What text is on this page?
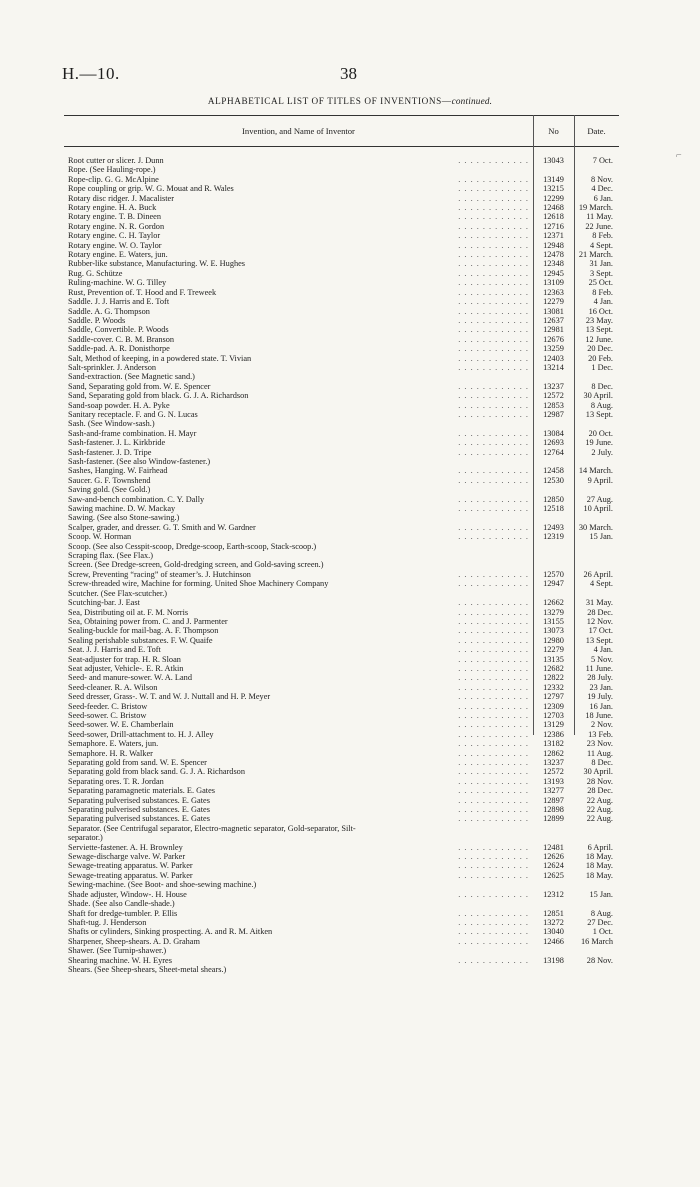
H.—10.	38
ALPHABETICAL LIST OF TITLES OF INVENTIONS—continued.
Invention, and Name of Inventor	No	Date.
. . . . . . . . . . . .
Root cutter or slicer. J. Dunn	13043	7 Oct.
Rope. (See Hauling-rope.)
. . . . . . . . . . . .
Rope-clip. G. G. McAlpine	13149	8 Nov.
. . . . . . . . . . . .
Rope coupling or grip. W. G. Mouat and R. Wales	13215	4 Dec.
. . . . . . . . . . . .
Rotary disc ridger. J. Macalister	12299	6 Jan.
. . . . . . . . . . . .
Rotary engine. H. A. Buck	12468	19 March.
. . . . . . . . . . . .
Rotary engine. T. B. Dineen	12618	11 May.
. . . . . . . . . . . .
Rotary engine. N. R. Gordon	12716	22 June.
. . . . . . . . . . . .
Rotary engine. C. H. Taylor	12371	8 Feb.
. . . . . . . . . . . .
Rotary engine. W. O. Taylor	12948	4 Sept.
. . . . . . . . . . . .
Rotary engine. E. Waters, jun.	12478	21 March.
. . . . . . . . . . . .
Rubber-like substance, Manufacturing. W. E. Hughes	12348	31 Jan.
. . . . . . . . . . . .
Rug. G. Schütze	12945	3 Sept.
. . . . . . . . . . . .
Ruling-machine. W. G. Tilley	13109	25 Oct.
. . . . . . . . . . . .
Rust, Prevention of. T. Hood and F. Treweek	12363	8 Feb.
. . . . . . . . . . . .
Saddle. J. J. Harris and E. Toft	12279	4 Jan.
. . . . . . . . . . . .
Saddle. A. G. Thompson	13081	16 Oct.
. . . . . . . . . . . .
Saddle. P. Woods	12637	23 May.
. . . . . . . . . . . .
Saddle, Convertible. P. Woods	12981	13 Sept.
. . . . . . . . . . . .
Saddle-cover. C. B. M. Branson	12676	12 June.
. . . . . . . . . . . .
Saddle-pad. A. R. Donisthorpe	13259	20 Dec.
. . . . . . . . . . . .
Salt, Method of keeping, in a powdered state. T. Vivian	12403	20 Feb.
. . . . . . . . . . . .
Salt-sprinkler. J. Anderson	13214	1 Dec.
Sand-extraction. (See Magnetic sand.)
. . . . . . . . . . . .
Sand, Separating gold from. W. E. Spencer	13237	8 Dec.
. . . . . . . . . . . .
Sand, Separating gold from black. G. J. A. Richardson	12572	30 April.
. . . . . . . . . . . .
Sand-soap powder. H. A. Pyke	12853	8 Aug.
. . . . . . . . . . . .
Sanitary receptacle. F. and G. N. Lucas	12987	13 Sept.
Sash. (See Window-sash.)
. . . . . . . . . . . .
Sash-and-frame combination. H. Mayr	13084	20 Oct.
. . . . . . . . . . . .
Sash-fastener. J. L. Kirkbride	12693	19 June.
. . . . . . . . . . . .
Sash-fastener. J. D. Tripe	12764	2 July.
Sash-fastener. (See also Window-fastener.)
. . . . . . . . . . . .
Sashes, Hanging. W. Fairhead	12458	14 March.
. . . . . . . . . . . .
Saucer. G. F. Townshend	12530	9 April.
Saving gold. (See Gold.)
. . . . . . . . . . . .
Saw-and-bench combination. C. Y. Dally	12850	27 Aug.
. . . . . . . . . . . .
Sawing machine. D. W. Mackay	12518	10 April.
Sawing. (See also Stone-sawing.)
. . . . . . . . . . . .
Scalper, grader, and dresser. G. T. Smith and W. Gardner	12493	30 March.
. . . . . . . . . . . .
Scoop. W. Horman	12319	15 Jan.
Scoop. (See also Cesspit-scoop, Dredge-scoop, Earth-scoop, Stack-scoop.)
Scraping flax. (See Flax.)
Screen. (See Dredge-screen, Gold-dredging screen, and Gold-saving screen.)
. . . . . . . . . . . .
Screw, Preventing “racing” of steamer’s. J. Hutchinson	12570	26 April.
. . . . . . . . . . . .
Screw-threaded wire, Machine for forming. United Shoe Machinery Company	12947	4 Sept.
Scutcher. (See Flax-scutcher.)
. . . . . . . . . . . .
Scutching-bar. J. East	12662	31 May.
. . . . . . . . . . . .
Sea, Distributing oil at. F. M. Norris	13279	28 Dec.
. . . . . . . . . . . .
Sea, Obtaining power from. C. and J. Parmenter	13155	12 Nov.
. . . . . . . . . . . .
Sealing-buckle for mail-bag. A. F. Thompson	13073	17 Oct.
. . . . . . . . . . . .
Sealing perishable substances. F. W. Quaife	12980	13 Sept.
. . . . . . . . . . . .
Seat. J. J. Harris and E. Toft	12279	4 Jan.
. . . . . . . . . . . .
Seat-adjuster for trap. H. R. Sloan	13135	5 Nov.
. . . . . . . . . . . .
Seat adjuster, Vehicle-. E. R. Atkin	12682	11 June.
. . . . . . . . . . . .
Seed- and manure-sower. W. A. Land	12822	28 July.
. . . . . . . . . . . .
Seed-cleaner. R. A. Wilson	12332	23 Jan.
. . . . . . . . . . . .
Seed dresser, Grass-. W. T. and W. J. Nuttall and H. P. Meyer	12797	19 July.
. . . . . . . . . . . .
Seed-feeder. C. Bristow	12309	16 Jan.
. . . . . . . . . . . .
Seed-sower. C. Bristow	12703	18 June.
. . . . . . . . . . . .
Seed-sower. W. E. Chamberlain	13129	2 Nov.
. . . . . . . . . . . .
Seed-sower, Drill-attachment to. H. J. Alley	12386	13 Feb.
. . . . . . . . . . . .
Semaphore. E. Waters, jun.	13182	23 Nov.
. . . . . . . . . . . .
Semaphore. H. R. Walker	12862	11 Aug.
. . . . . . . . . . . .
Separating gold from sand. W. E. Spencer	13237	8 Dec.
. . . . . . . . . . . .
Separating gold from black sand. G. J. A. Richardson	12572	30 April.
. . . . . . . . . . . .
Separating ores. T. R. Jordan	13193	28 Nov.
. . . . . . . . . . . .
Separating paramagnetic materials. E. Gates	13277	28 Dec.
. . . . . . . . . . . .
Separating pulverised substances. E. Gates	12897	22 Aug.
. . . . . . . . . . . .
Separating pulverised substances. E. Gates	12898	22 Aug.
. . . . . . . . . . . .
Separating pulverised substances. E. Gates	12899	22 Aug.
Separator. (See Centrifugal separator, Electro-magnetic separator, Gold-separator, Silt-
separator.)
. . . . . . . . . . . .
Serviette-fastener. A. H. Brownley	12481	6 April.
. . . . . . . . . . . .
Sewage-discharge valve. W. Parker	12626	18 May.
. . . . . . . . . . . .
Sewage-treating apparatus. W. Parker	12624	18 May.
. . . . . . . . . . . .
Sewage-treating apparatus. W. Parker	12625	18 May.
Sewing-machine. (See Boot- and shoe-sewing machine.)
. . . . . . . . . . . .
Shade adjuster, Window-. H. House	12312	15 Jan.
Shade. (See also Candle-shade.)
. . . . . . . . . . . .
Shaft for dredge-tumbler. P. Ellis	12851	8 Aug.
. . . . . . . . . . . .
Shaft-tug. J. Henderson	13272	27 Dec.
. . . . . . . . . . . .
Shafts or cylinders, Sinking prospecting. A. and R. M. Aitken	13040	1 Oct.
. . . . . . . . . . . .
Sharpener, Sheep-shears. A. D. Graham	12466	16 March
Shawer. (See Turnip-shawer.)
. . . . . . . . . . . .
Shearing machine. W. H. Eyres	13198	28 Nov.
Shears. (See Sheep-shears, Sheet-metal shears.)
⌐
